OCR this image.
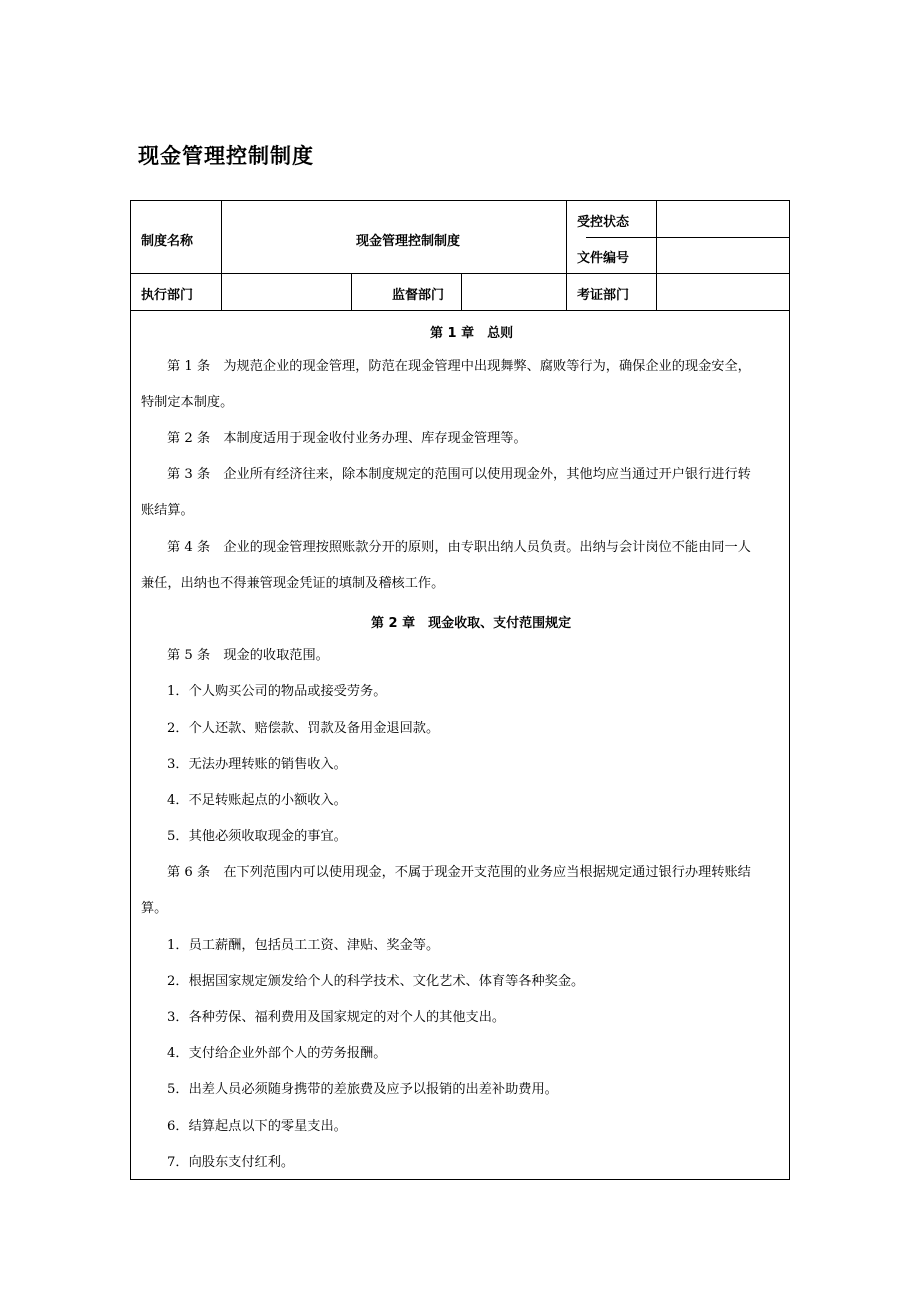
现金管理控制制度
制度名称	现金管理控制制度
受控状态
文件编号
执行部门	监督部门	考证部门
第 1 章　总则
第 2 章　现金收取、支付范围规定
第 1 条　为规范企业的现金管理，防范在现金管理中出现舞弊、腐败等行为，确保企业的现金安全，
特制定本制度。
第 2 条　本制度适用于现金收付业务办理、库存现金管理等。
第 3 条　企业所有经济往来，除本制度规定的范围可以使用现金外，其他均应当通过开户银行进行转
账结算。
第 4 条　企业的现金管理按照账款分开的原则，由专职出纳人员负责。出纳与会计岗位不能由同一人
兼任，出纳也不得兼管现金凭证的填制及稽核工作。
第 5 条　现金的收取范围。
1．个人购买公司的物品或接受劳务。
2．个人还款、赔偿款、罚款及备用金退回款。
3．无法办理转账的销售收入。
4．不足转账起点的小额收入。
5．其他必须收取现金的事宜。
第 6 条　在下列范围内可以使用现金，不属于现金开支范围的业务应当根据规定通过银行办理转账结
算。
1．员工薪酬，包括员工工资、津贴、奖金等。
2．根据国家规定颁发给个人的科学技术、文化艺术、体育等各种奖金。
3．各种劳保、福利费用及国家规定的对个人的其他支出。
4．支付给企业外部个人的劳务报酬。
5．出差人员必须随身携带的差旅费及应予以报销的出差补助费用。
6．结算起点以下的零星支出。
7．向股东支付红利。
